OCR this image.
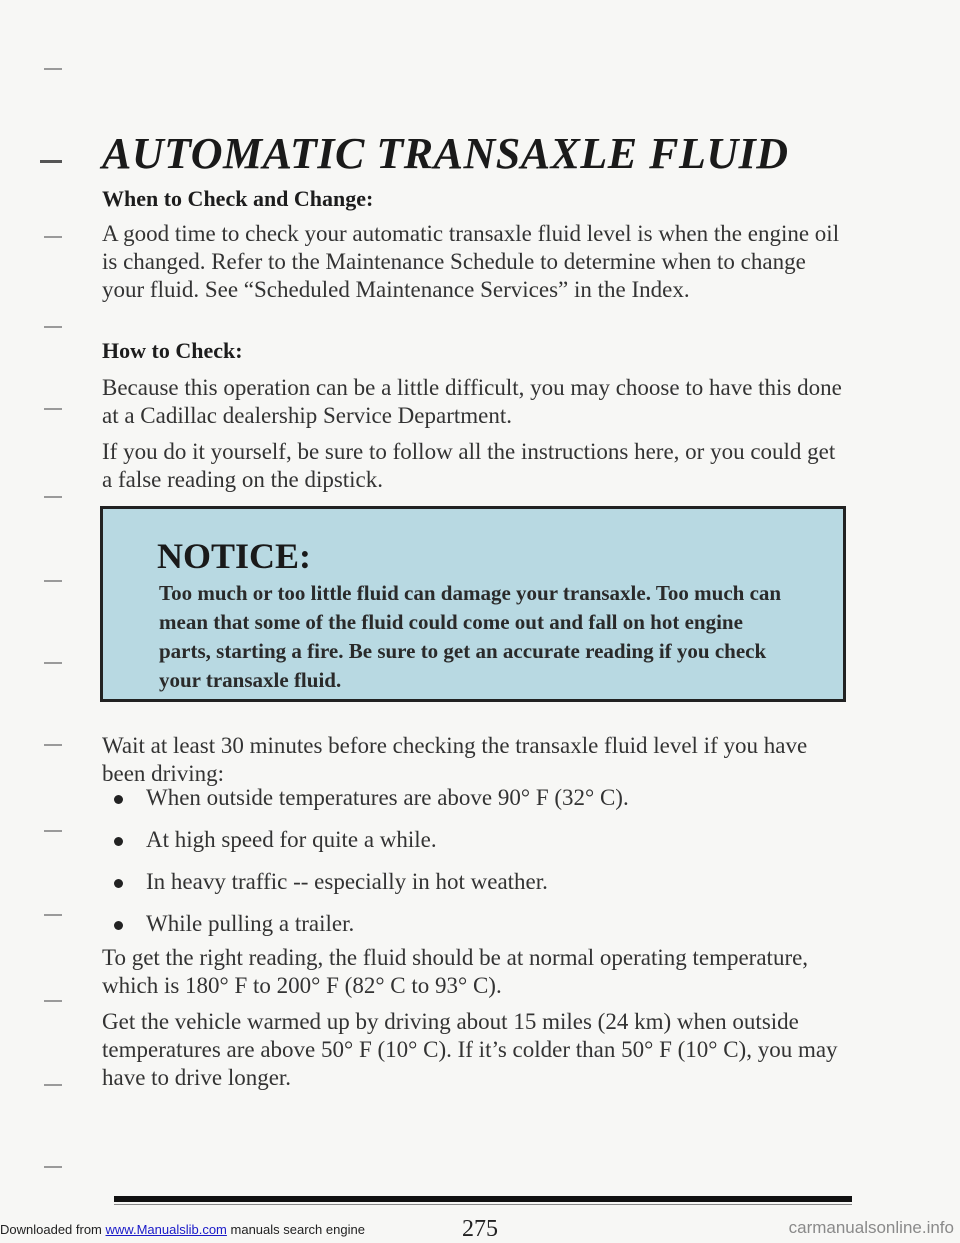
AUTOMATIC TRANSAXLE FLUID
When to Check and Change:

A good time to check your automatic transaxle fluid level is when the engine oil is changed. Refer to the Maintenance Schedule to determine when to change your fluid. See “Scheduled Maintenance Services” in the Index.

How to Check:

Because this operation can be a little difficult, you may choose to have this done at a Cadillac dealership Service Department.

If you do it yourself, be sure to follow all the instructions here, or you could get a false reading on the dipstick.

NOTICE:

Too much or too little fluid can damage your transaxle. Too much can mean that some of the fluid could come out and fall on hot engine parts, starting a fire. Be sure to get an accurate reading if you check your transaxle fluid.

Wait at least 30 minutes before checking the transaxle fluid level if you have been driving:

When outside temperatures are above 90° F (32° C).
At high speed for quite a while.
In heavy traffic -- especially in hot weather.
While pulling a trailer.

To get the right reading, the fluid should be at normal operating temperature, which is 180° F to 200° F (82° C to 93° C).

Get the vehicle warmed up by driving about 15 miles (24 km) when outside temperatures are above 50° F (10° C). If it’s colder than 50° F (10° C), you may have to drive longer.

275
Downloaded from www.Manualslib.com manuals search engine	carmanualsonline.info
